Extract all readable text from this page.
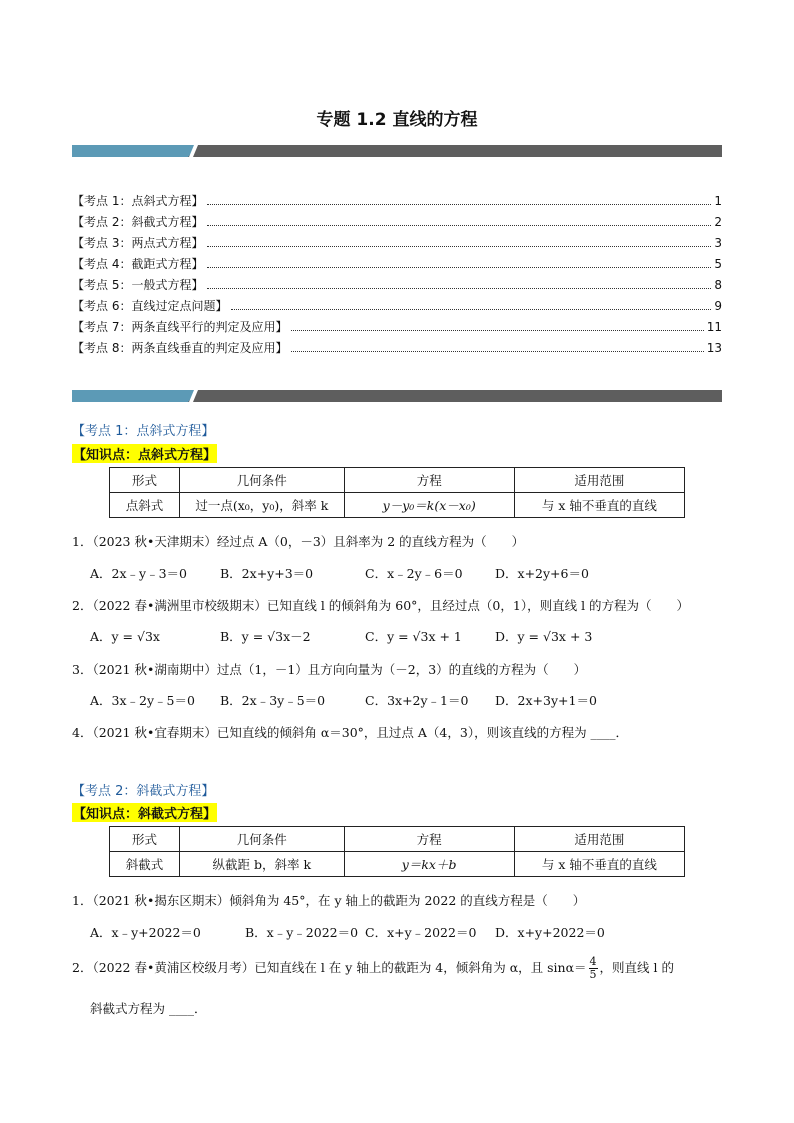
专题 1.2 直线的方程
【考点 1：点斜式方程】	1
【考点 2：斜截式方程】	2
【考点 3：两点式方程】	3
【考点 4：截距式方程】	5
【考点 5：一般式方程】	8
【考点 6：直线过定点问题】	9
【考点 7：两条直线平行的判定及应用】	11
【考点 8：两条直线垂直的判定及应用】	13
【考点 1：点斜式方程】
【知识点：点斜式方程】
形式	几何条件	方程	适用范围
点斜式	过一点(x₀，y₀)，斜率 k	y－y₀＝k(x－x₀)	与 x 轴不垂直的直线
1．（2023 秋•天津期末）经过点 A（0，－3）且斜率为 2 的直线方程为（　　）
A．2x﹣y﹣3＝0	B．2x+y+3＝0	C．x﹣2y﹣6＝0	D．x+2y+6＝0
2．（2022 春•满洲里市校级期末）已知直线 l 的倾斜角为 60°，且经过点（0，1），则直线 l 的方程为（　　）
A．y = √3x	B．y = √3x－2	C．y = √3x + 1	D．y = √3x + 3
3．（2021 秋•湖南期中）过点（1，－1）且方向向量为（－2，3）的直线的方程为（　　）
A．3x﹣2y﹣5＝0 B．2x﹣3y﹣5＝0	C．3x+2y﹣1＝0 D．2x+3y+1＝0
4．（2021 秋•宜春期末）已知直线的倾斜角 α＝30°，且过点 A（4，3），则该直线的方程为 ____．
【考点 2：斜截式方程】
【知识点：斜截式方程】
形式	几何条件	方程	适用范围
斜截式	纵截距 b，斜率 k	y＝kx＋b	与 x 轴不垂直的直线
1．（2021 秋•揭东区期末）倾斜角为 45°，在 y 轴上的截距为 2022 的直线方程是（　　）
A．x﹣y+2022＝0	B．x﹣y﹣2022＝0 C．x+y﹣2022＝0 D．x+y+2022＝0
2．（2022 春•黄浦区校级月考）已知直线在 l 在 y 轴上的截距为 4，倾斜角为 α，且 $\sin\alpha= \frac{4}{5}$ ，则直线 l 的
斜截式方程为 ____．
